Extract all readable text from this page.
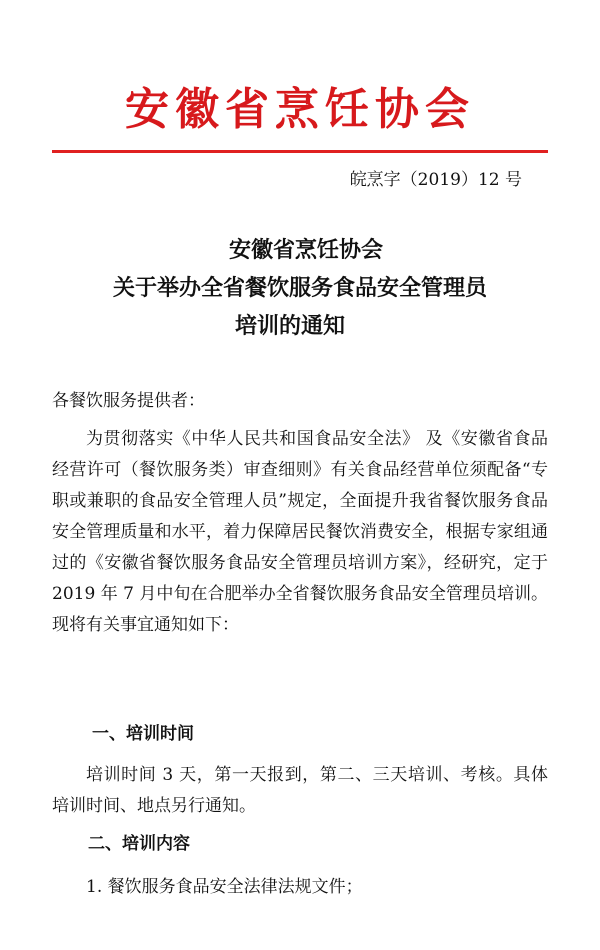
安徽省烹饪协会
皖烹字（2019）12 号
安徽省烹饪协会
关于举办全省餐饮服务食品安全管理员
培训的通知
各餐饮服务提供者：
为贯彻落实《中华人民共和国食品安全法》 及《安徽省食品经营许可（餐饮服务类）审查细则》有关食品经营单位须配备“专职或兼职的食品安全管理人员”规定，全面提升我省餐饮服务食品安全管理质量和水平，着力保障居民餐饮消费安全，根据专家组通过的《安徽省餐饮服务食品安全管理员培训方案》，经研究，定于 2019 年 7 月中旬在合肥举办全省餐饮服务食品安全管理员培训。现将有关事宜通知如下：
一、培训时间
培训时间 3 天，第一天报到，第二、三天培训、考核。具体培训时间、地点另行通知。
二、培训内容
1. 餐饮服务食品安全法律法规文件；
